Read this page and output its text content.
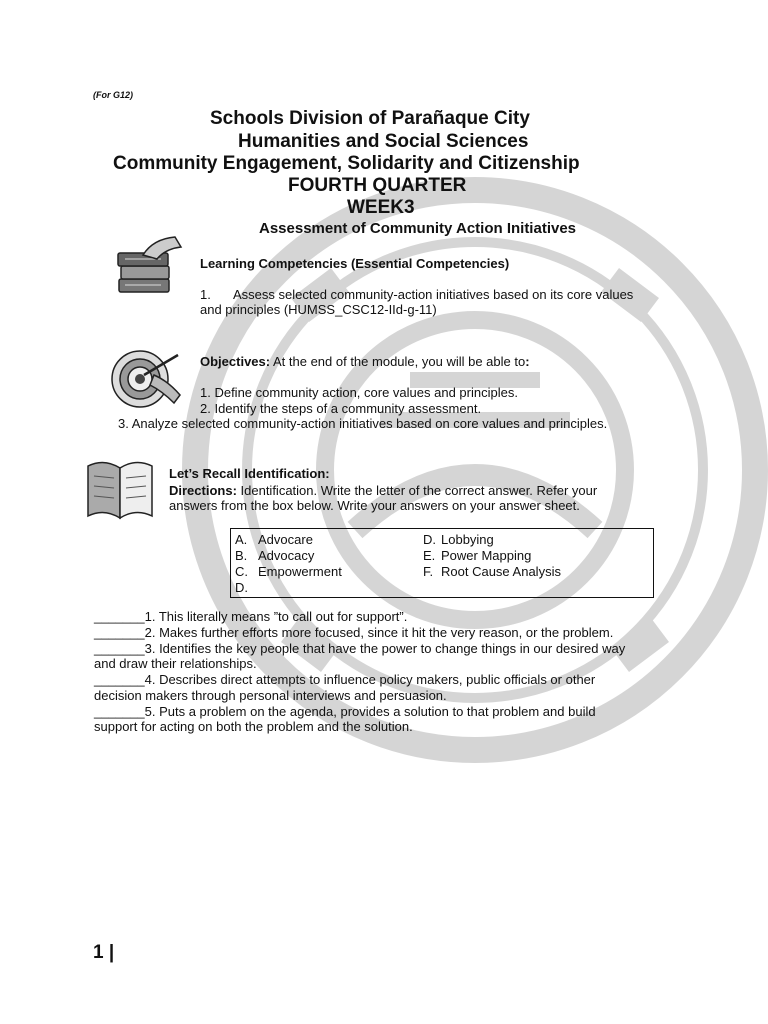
(For G12)
Schools Division of Parañaque City
Humanities and Social Sciences
Community Engagement, Solidarity and Citizenship
FOURTH QUARTER
WEEK3
Assessment of Community Action Initiatives
Learning Competencies (Essential Competencies)
1. Assess selected community-action initiatives based on its core values
and principles (HUMSS_CSC12-IId-g-11)
Objectives: At the end of the module, you will be able to:
1. Define community action, core values and principles.
2. Identify the steps of a community assessment.
3. Analyze selected community-action initiatives based on core values and principles.
Let’s Recall Identification:
Directions: Identification. Write the letter of the correct answer. Refer your
answers from the box below. Write your answers on your answer sheet.
A. Advocare
B. Advocacy
C. Empowerment
D.
D. Lobbying
E. Power Mapping
F. Root Cause Analysis
_______1. This literally means ”to call out for support”.
_______2. Makes further efforts more focused, since it hit the very reason, or the problem.
_______3. Identifies the key people that have the power to change things in our desired way
and draw their relationships.
_______4. Describes direct attempts to influence policy makers, public officials or other
decision makers through personal interviews and persuasion.
_______5. Puts a problem on the agenda, provides a solution to that problem and build
support for acting on both the problem and the solution.
1 |
